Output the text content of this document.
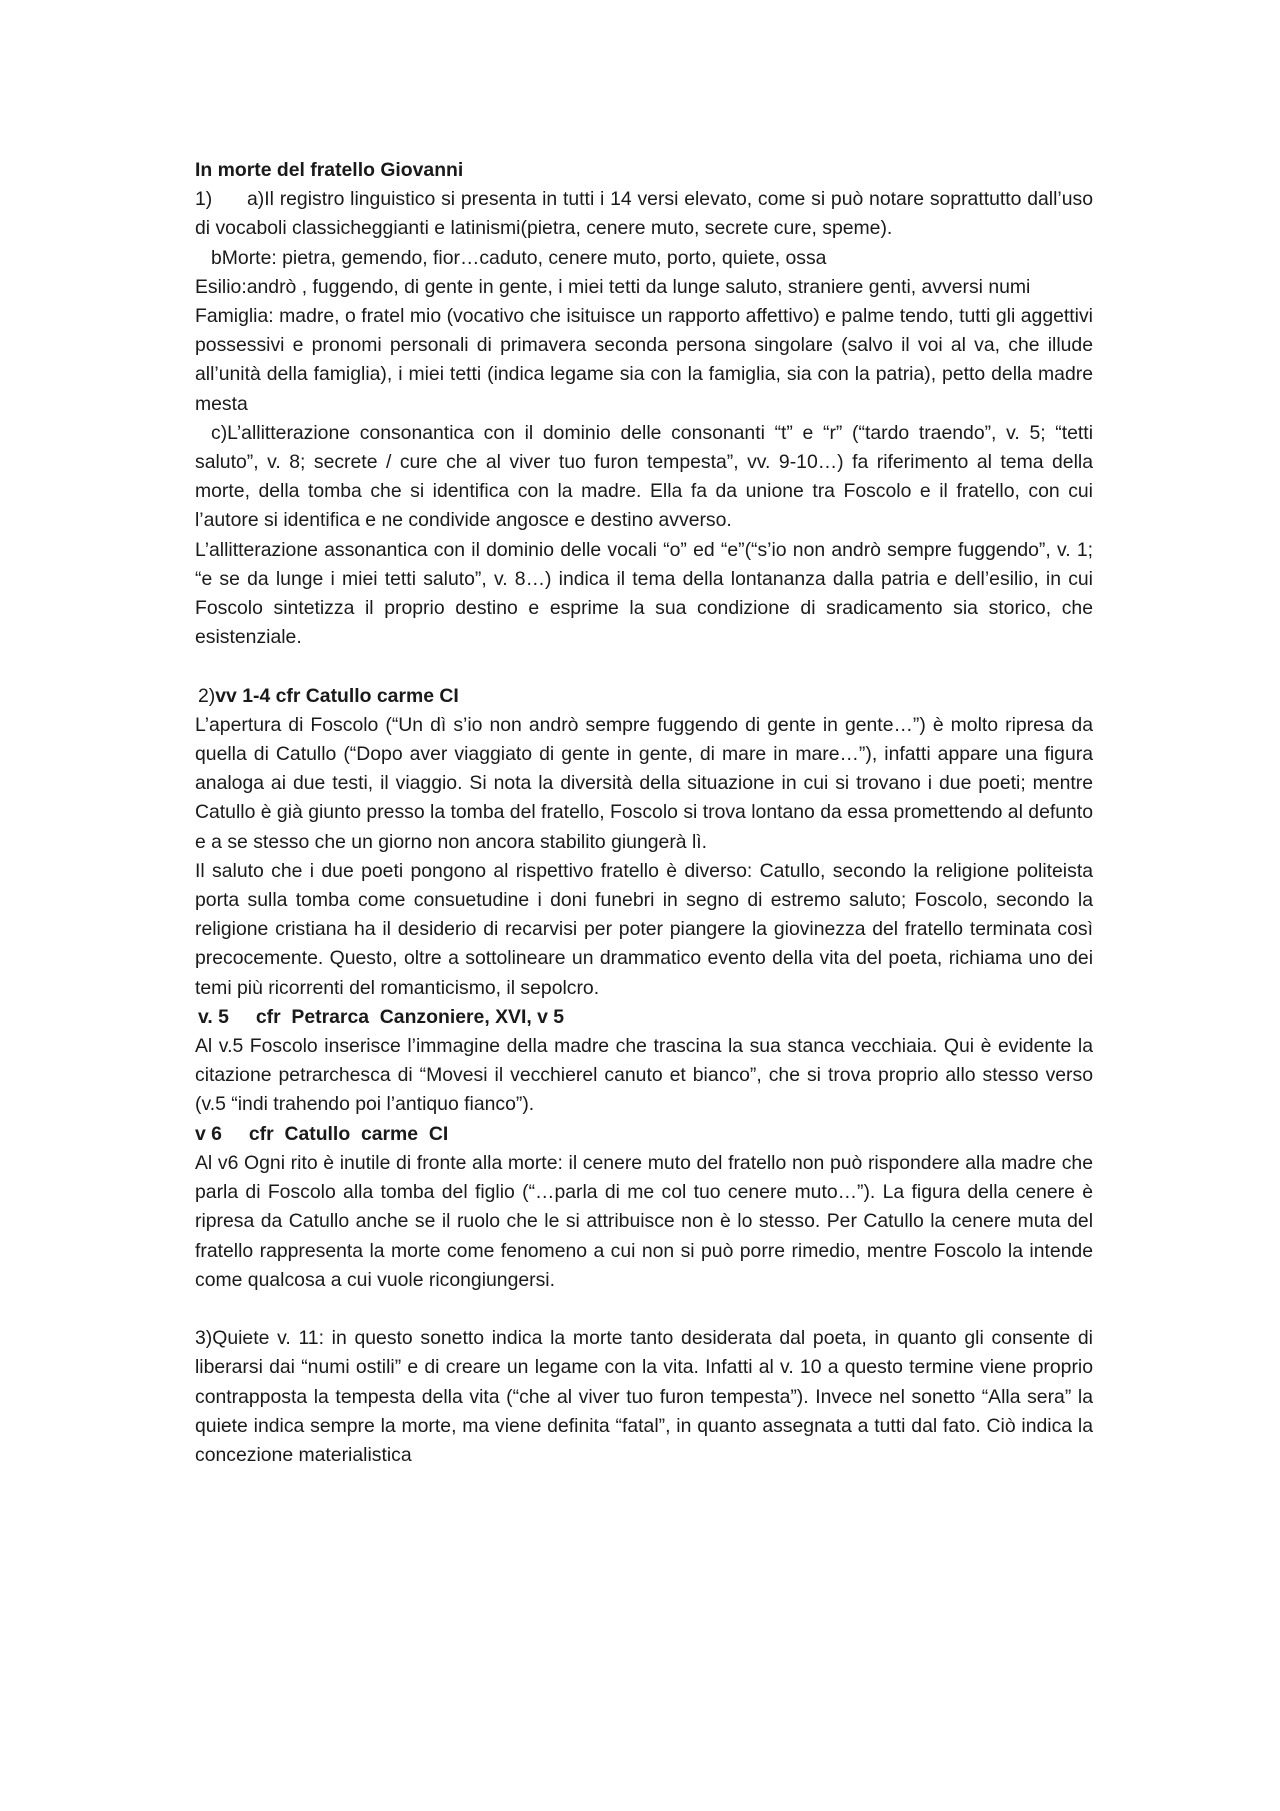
In morte del fratello Giovanni

1)      a)Il registro linguistico si presenta in tutti i 14 versi elevato, come si può notare soprattutto dall’uso di vocaboli classicheggianti e latinismi(pietra, cenere muto, secrete cure, speme).

bMorte: pietra, gemendo, fior…caduto, cenere muto, porto, quiete, ossa

Esilio:andrò , fuggendo, di gente in gente, i miei tetti da lunge saluto, straniere genti, avversi numi

Famiglia: madre, o fratel mio (vocativo che isituisce un rapporto affettivo) e palme tendo, tutti gli aggettivi possessivi e pronomi personali di primavera seconda persona singolare (salvo il voi al va, che illude all’unità della famiglia), i miei tetti (indica legame sia con la famiglia, sia con la patria), petto della madre mesta

c)L’allitterazione consonantica con il dominio delle consonanti “t” e “r” (“tardo traendo”, v. 5; “tetti saluto”, v. 8; secrete / cure che al viver tuo furon tempesta”, vv. 9-10…) fa riferimento al tema della morte, della tomba che si identifica con la madre. Ella fa da unione tra Foscolo e il fratello, con cui l’autore si identifica e ne condivide angosce e destino avverso.

L’allitterazione assonantica con il dominio delle vocali “o” ed “e”(“s’io non andrò sempre fuggendo”, v. 1; “e se da lunge i miei tetti saluto”, v. 8…) indica il tema della lontananza dalla patria e dell’esilio, in cui Foscolo sintetizza il proprio destino e esprime la sua condizione di sradicamento sia storico, che esistenziale.

2)vv 1-4 cfr Catullo carme CI

L’apertura di Foscolo (“Un dì s’io non andrò sempre fuggendo di gente in gente…”) è molto ripresa da quella di Catullo (“Dopo aver viaggiato di gente in gente, di mare in mare…”), infatti appare una figura analoga ai due testi, il viaggio. Si nota la diversità della situazione in cui si trovano i due poeti; mentre Catullo è già giunto presso la tomba del fratello, Foscolo si trova lontano da essa promettendo al defunto e a se stesso che un giorno non ancora stabilito giungerà lì.

Il saluto che i due poeti pongono al rispettivo fratello è diverso: Catullo, secondo la religione politeista porta sulla tomba come consuetudine i doni funebri in segno di estremo saluto; Foscolo, secondo la religione cristiana ha il desiderio di recarvisi per poter piangere la giovinezza del fratello terminata così precocemente. Questo, oltre a sottolineare un drammatico evento della vita del poeta, richiama uno dei temi più ricorrenti del romanticismo, il sepolcro.

v. 5     cfr  Petrarca  Canzoniere, XVI, v 5

Al v.5 Foscolo inserisce l’immagine della madre che trascina la sua stanca vecchiaia. Qui è evidente la citazione petrarchesca di “Movesi il vecchierel canuto et bianco”, che si trova proprio allo stesso verso (v.5 “indi trahendo poi l’antiquo fianco”).

v 6     cfr  Catullo  carme  CI

Al v6 Ogni rito è inutile di fronte alla morte: il cenere muto del fratello non può rispondere alla madre che parla di Foscolo alla tomba del figlio (“…parla di me col tuo cenere muto…”). La figura della cenere è ripresa da Catullo anche se il ruolo che le si attribuisce non è lo stesso. Per Catullo la cenere muta del fratello rappresenta la morte come fenomeno a cui non si può porre rimedio, mentre Foscolo la intende come qualcosa a cui vuole ricongiungersi.

3)Quiete v. 11: in questo sonetto indica la morte tanto desiderata dal poeta, in quanto gli consente di liberarsi dai “numi ostili” e di creare un legame con la vita. Infatti al v. 10 a questo termine viene proprio contrapposta la tempesta della vita (“che al viver tuo furon tempesta”). Invece nel sonetto “Alla sera” la quiete indica sempre la morte, ma viene definita “fatal”, in quanto assegnata a tutti dal fato. Ciò indica la concezione materialistica
